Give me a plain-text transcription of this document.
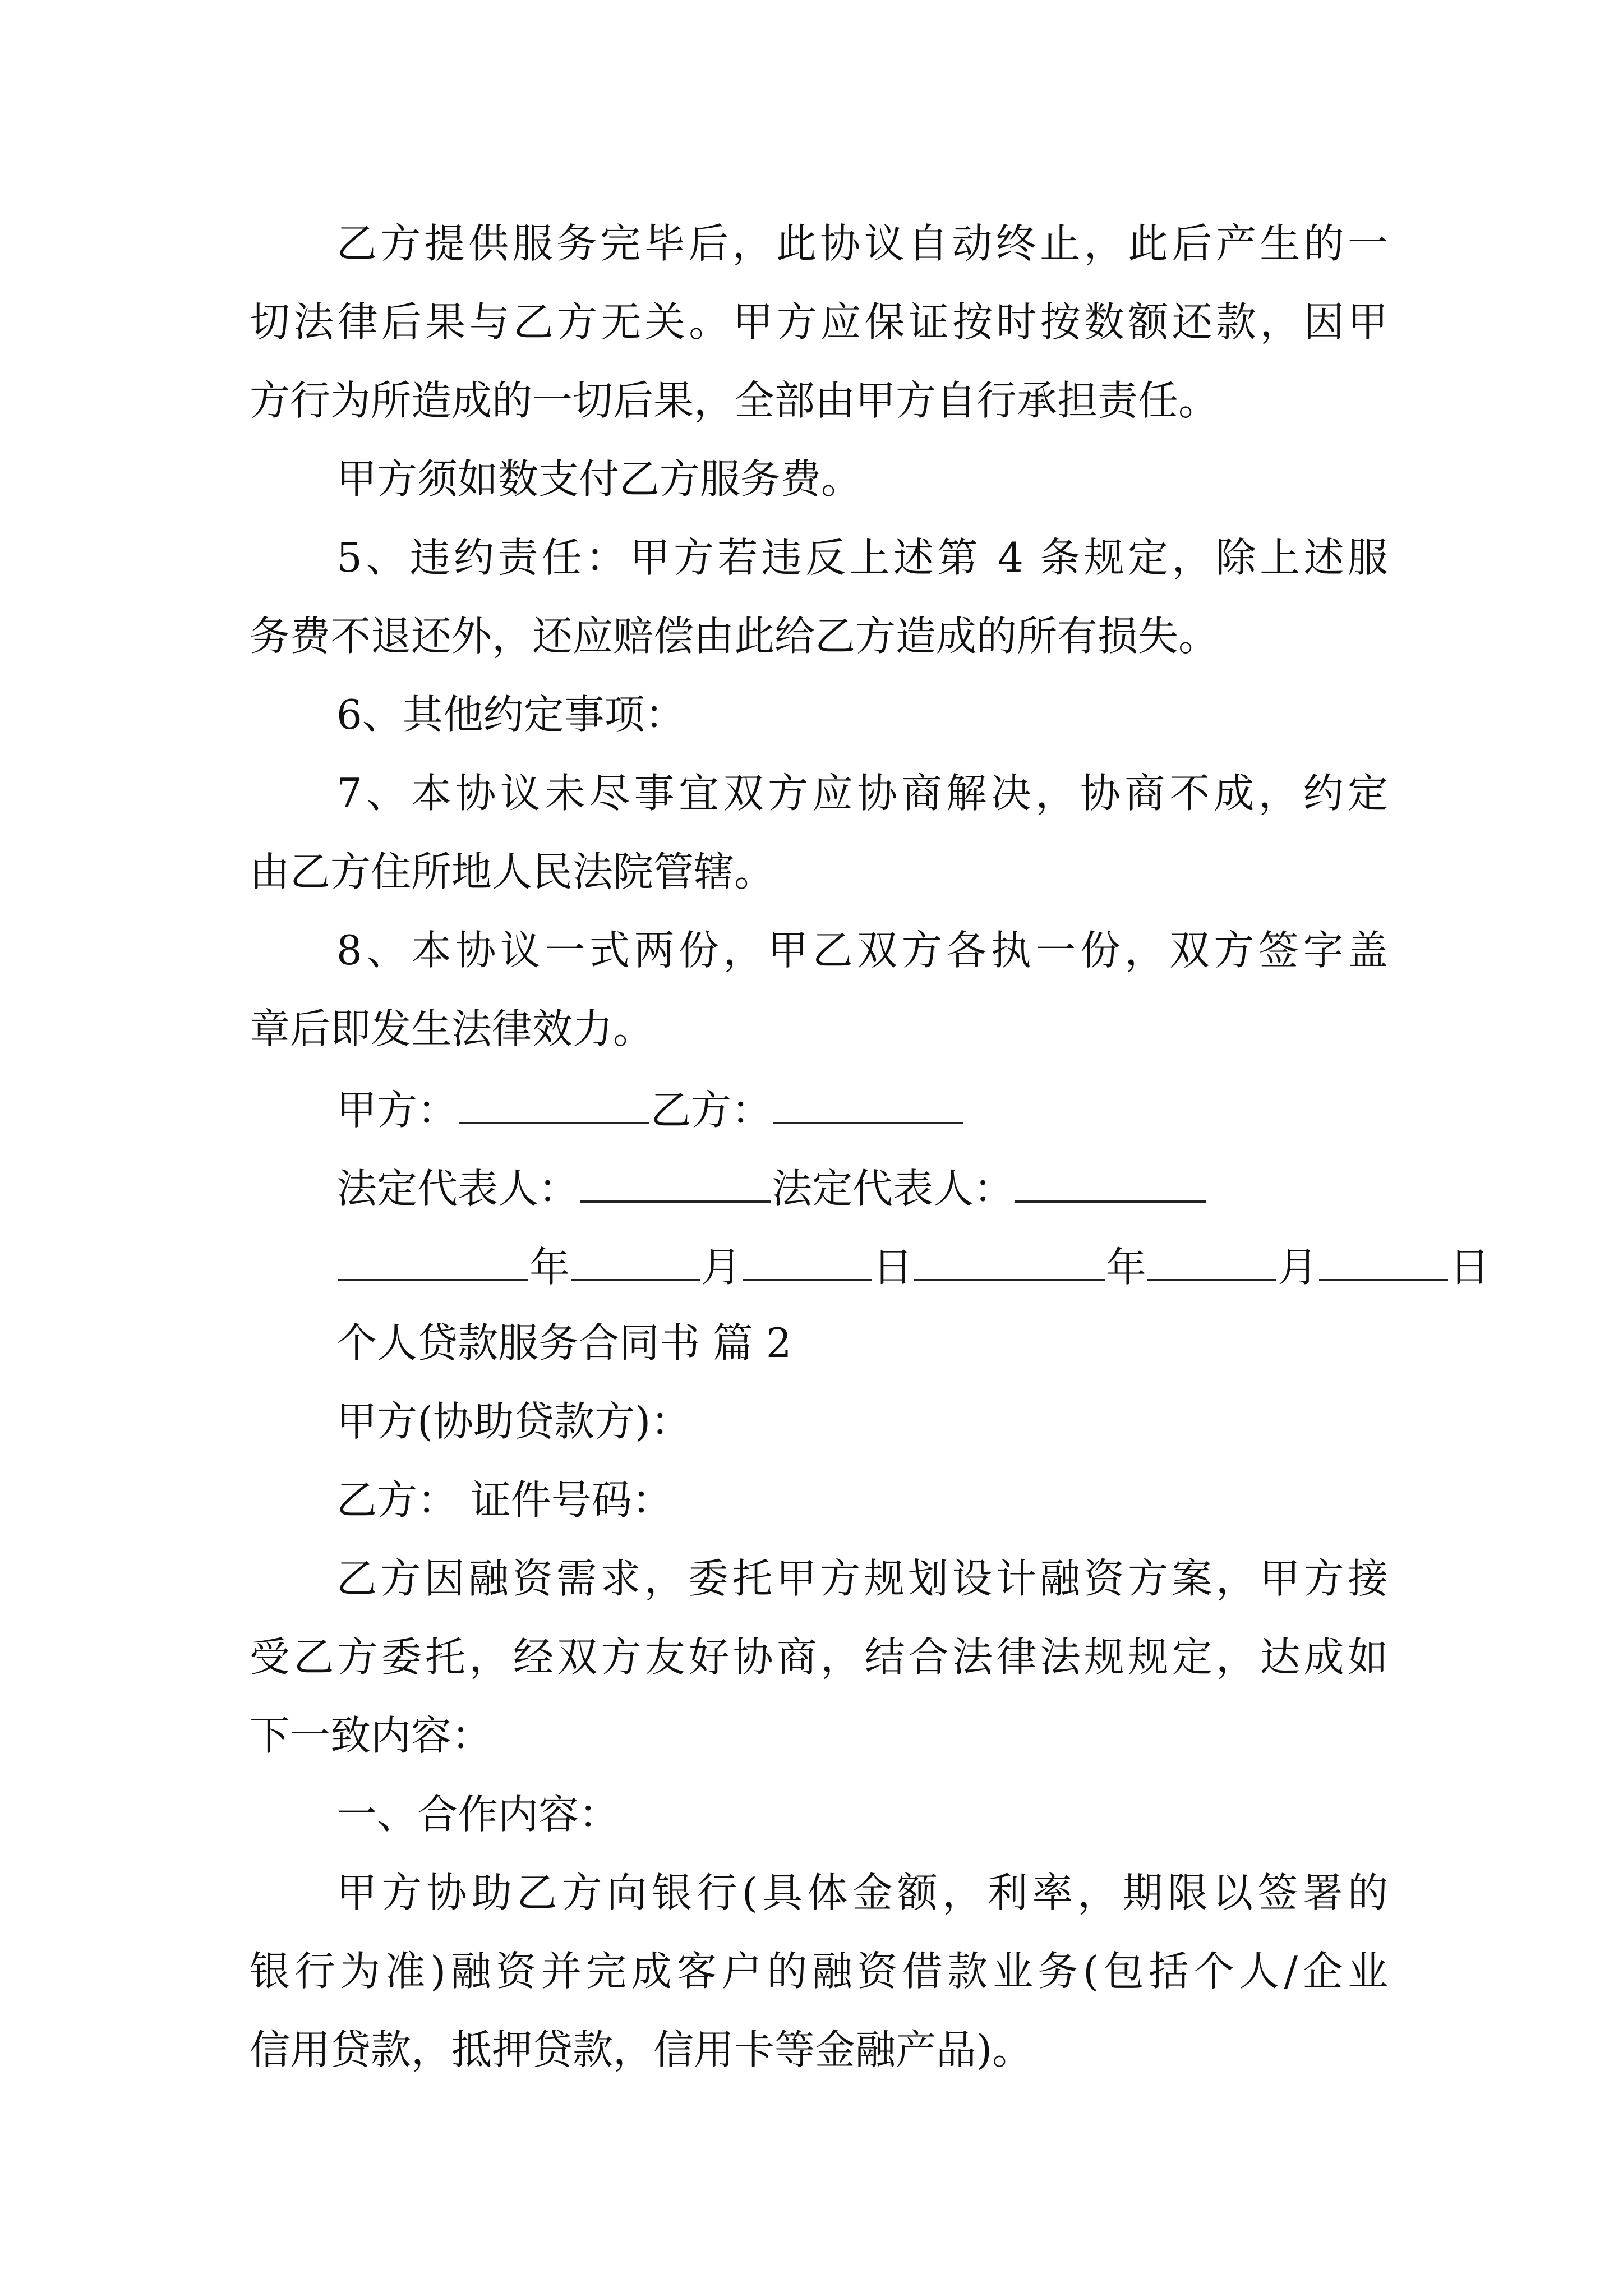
乙方提供服务完毕后，此协议自动终止，此后产生的一
切法律后果与乙方无关。甲方应保证按时按数额还款，因甲
方行为所造成的一切后果，全部由甲方自行承担责任。
甲方须如数支付乙方服务费。
5、违约责任：甲方若违反上述第 4 条规定，除上述服
务费不退还外，还应赔偿由此给乙方造成的所有损失。
6、其他约定事项：
7、本协议未尽事宜双方应协商解决，协商不成，约定
由乙方住所地人民法院管辖。
8、本协议一式两份，甲乙双方各执一份，双方签字盖
章后即发生法律效力。
甲方：	乙方：
法定代表人：	法定代表人：
年	月	日	年	月	日
个人贷款服务合同书 篇 2
甲方(协助贷款方)：
乙方： 证件号码：
乙方因融资需求，委托甲方规划设计融资方案，甲方接
受乙方委托，经双方友好协商，结合法律法规规定，达成如
下一致内容：
一、合作内容：
甲方协助乙方向银行(具体金额，利率，期限以签署的
银行为准)融资并完成客户的融资借款业务(包括个人/企业
信用贷款，抵押贷款，信用卡等金融产品)。
